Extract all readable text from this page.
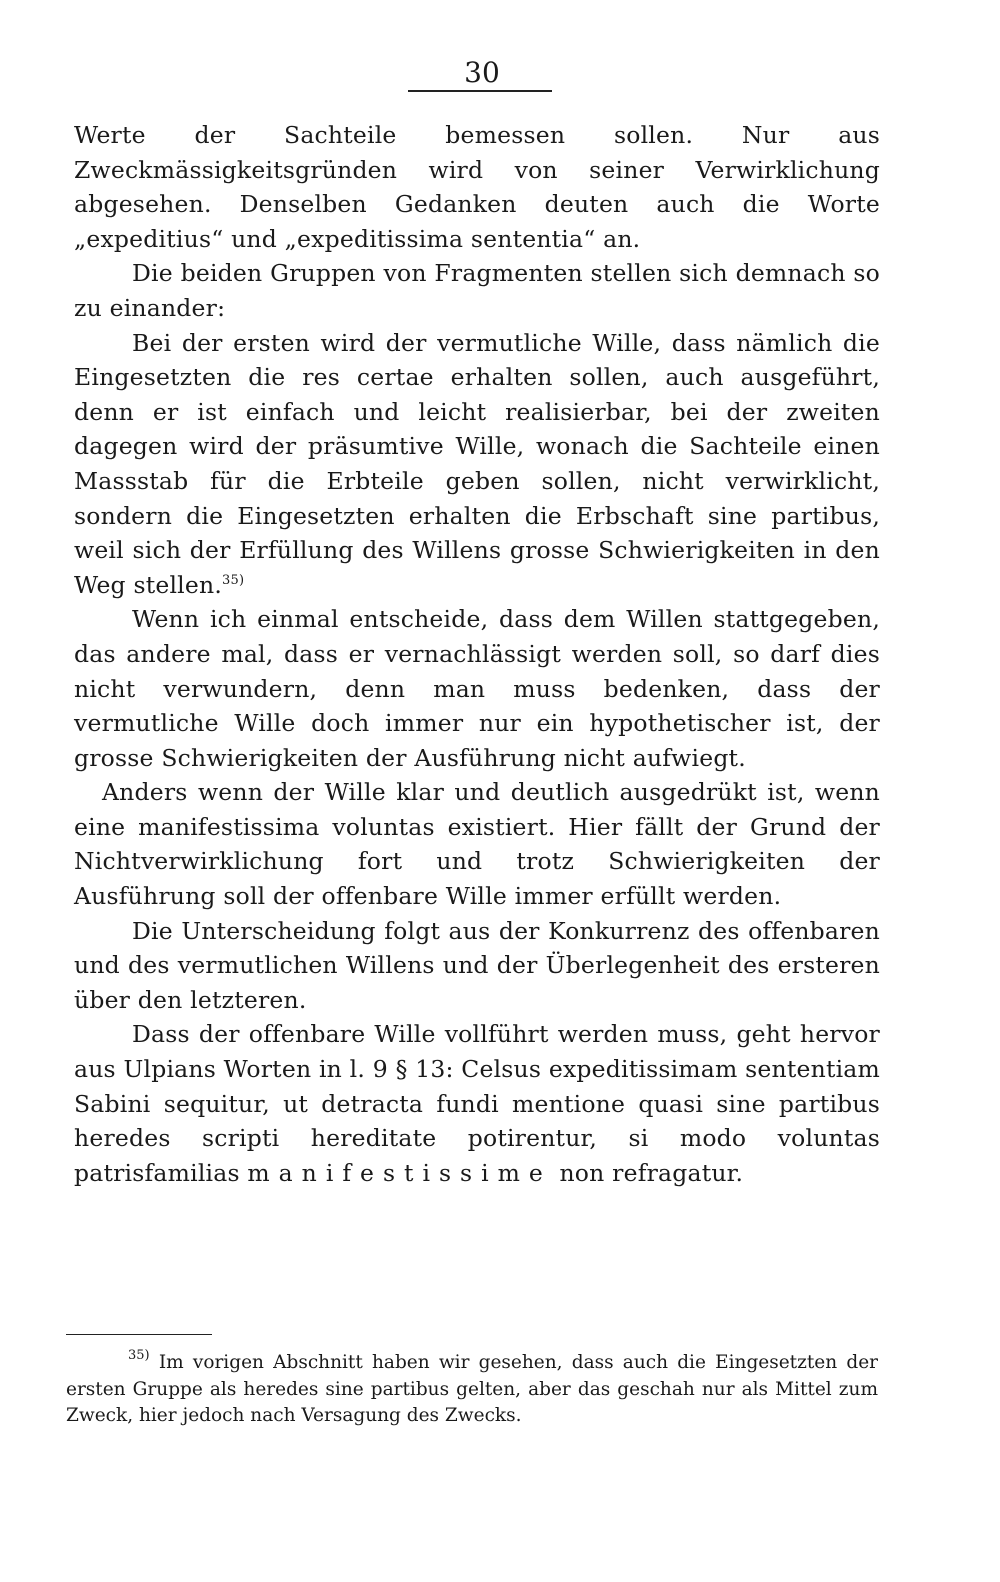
30

Werte der Sachteile bemessen sollen. Nur aus Zweckmässigkeitsgründen wird von seiner Verwirklichung abgesehen. Denselben Gedanken deuten auch die Worte „expeditius“ und „expeditissima sententia“ an.

Die beiden Gruppen von Fragmenten stellen sich demnach so zu einander:

Bei der ersten wird der vermutliche Wille, dass nämlich die Eingesetzten die res certae erhalten sollen, auch ausgeführt, denn er ist einfach und leicht realisierbar, bei der zweiten dagegen wird der präsumtive Wille, wonach die Sachteile einen Massstab für die Erbteile geben sollen, nicht verwirklicht, sondern die Eingesetzten erhalten die Erbschaft sine partibus, weil sich der Erfüllung des Willens grosse Schwierigkeiten in den Weg stellen.$^{35)}$

Wenn ich einmal entscheide, dass dem Willen stattgegeben, das andere mal, dass er vernachlässigt werden soll, so darf dies nicht verwundern, denn man muss bedenken, dass der vermutliche Wille doch immer nur ein hypothetischer ist, der grosse Schwierigkeiten der Ausführung nicht aufwiegt.

Anders wenn der Wille klar und deutlich ausgedrükt ist, wenn eine manifestissima voluntas existiert. Hier fällt der Grund der Nichtverwirklichung fort und trotz Schwierigkeiten der Ausführung soll der offenbare Wille immer erfüllt werden.

Die Unterscheidung folgt aus der Konkurrenz des offenbaren und des vermutlichen Willens und der Überlegenheit des ersteren über den letzteren.

Dass der offenbare Wille vollführt werden muss, geht hervor aus Ulpians Worten in l. 9 § 13: Celsus expeditissimam sententiam Sabini sequitur, ut detracta fundi mentione quasi sine partibus heredes scripti hereditate potirentur, si modo voluntas patrisfamilias manifestissime non refragatur.

$^{35)}$ Im vorigen Abschnitt haben wir gesehen, dass auch die Eingesetzten der ersten Gruppe als heredes sine partibus gelten, aber das geschah nur als Mittel zum Zweck, hier jedoch nach Versagung des Zwecks.
